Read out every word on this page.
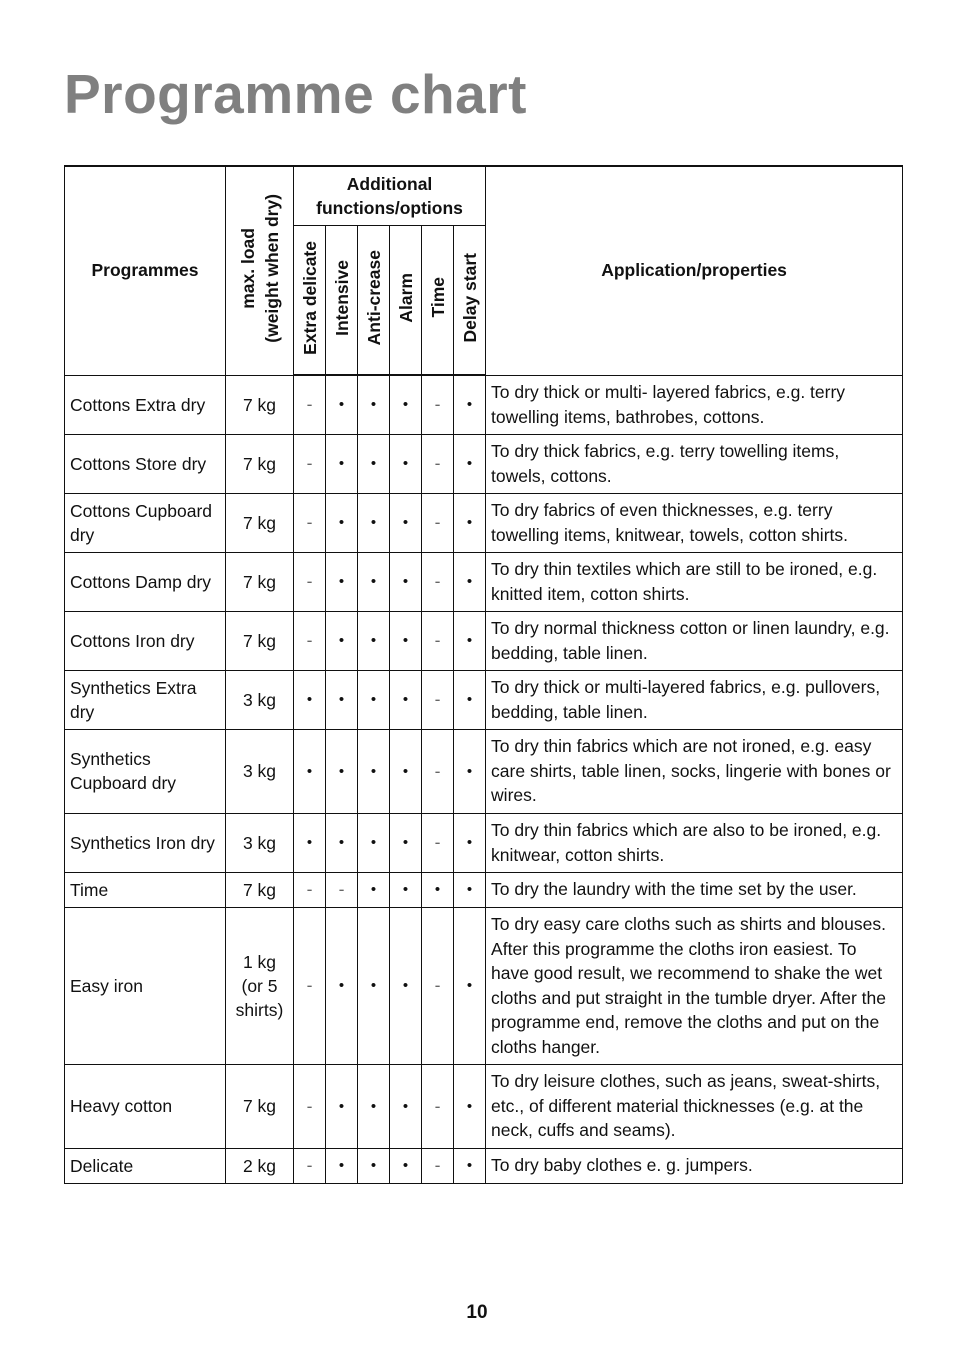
Programme chart
Programmes	max. load (weight when dry)	Additional
functions/options						Application/properties
		Extra delicate	Intensive	Anti-crease	Alarm	Time	Delay start	
Cottons Extra dry	7 kg	-	•	•	•	-	•	To dry thick or multi- layered fabrics, e.g. terry towelling items, bathrobes, cottons.
Cottons Store dry	7 kg	-	•	•	•	-	•	To dry thick fabrics, e.g. terry towelling items, towels, cottons.
Cottons Cupboard dry	7 kg	-	•	•	•	-	•	To dry fabrics of even thicknesses, e.g. terry towelling items, knitwear, towels, cotton shirts.
Cottons Damp dry	7 kg	-	•	•	•	-	•	To dry thin textiles which are still to be ironed, e.g. knitted item, cotton shirts.
Cottons Iron dry	7 kg	-	•	•	•	-	•	To dry normal thickness cotton or linen laundry, e.g. bedding, table linen.
Synthetics Extra dry	3 kg	•	•	•	•	-	•	To dry thick or multi-layered fabrics, e.g. pullovers, bedding, table linen.
Synthetics Cupboard dry	3 kg	•	•	•	•	-	•	To dry thin fabrics which are not ironed, e.g. easy care shirts, table linen, socks, lingerie with bones or wires.
Synthetics Iron dry	3 kg	•	•	•	•	-	•	To dry thin fabrics which are also to be ironed, e.g. knitwear, cotton shirts.
Time	7 kg	-	-	•	•	•	•	To dry the laundry with the time set by the user.
Easy iron	1 kg (or 5 shirts)	-	•	•	•	-	•	To dry easy care cloths such as shirts and blouses. After this programme the cloths iron easiest. To have good result, we recommend to shake the wet cloths and put straight in the tumble dryer. After the programme end, remove the cloths and put on the cloths hanger.
Heavy cotton	7 kg	-	•	•	•	-	•	To dry leisure clothes, such as jeans, sweat-shirts, etc., of different material thicknesses (e.g. at the neck, cuffs and seams).
Delicate	2 kg	-	•	•	•	-	•	To dry baby clothes e. g. jumpers.
10
